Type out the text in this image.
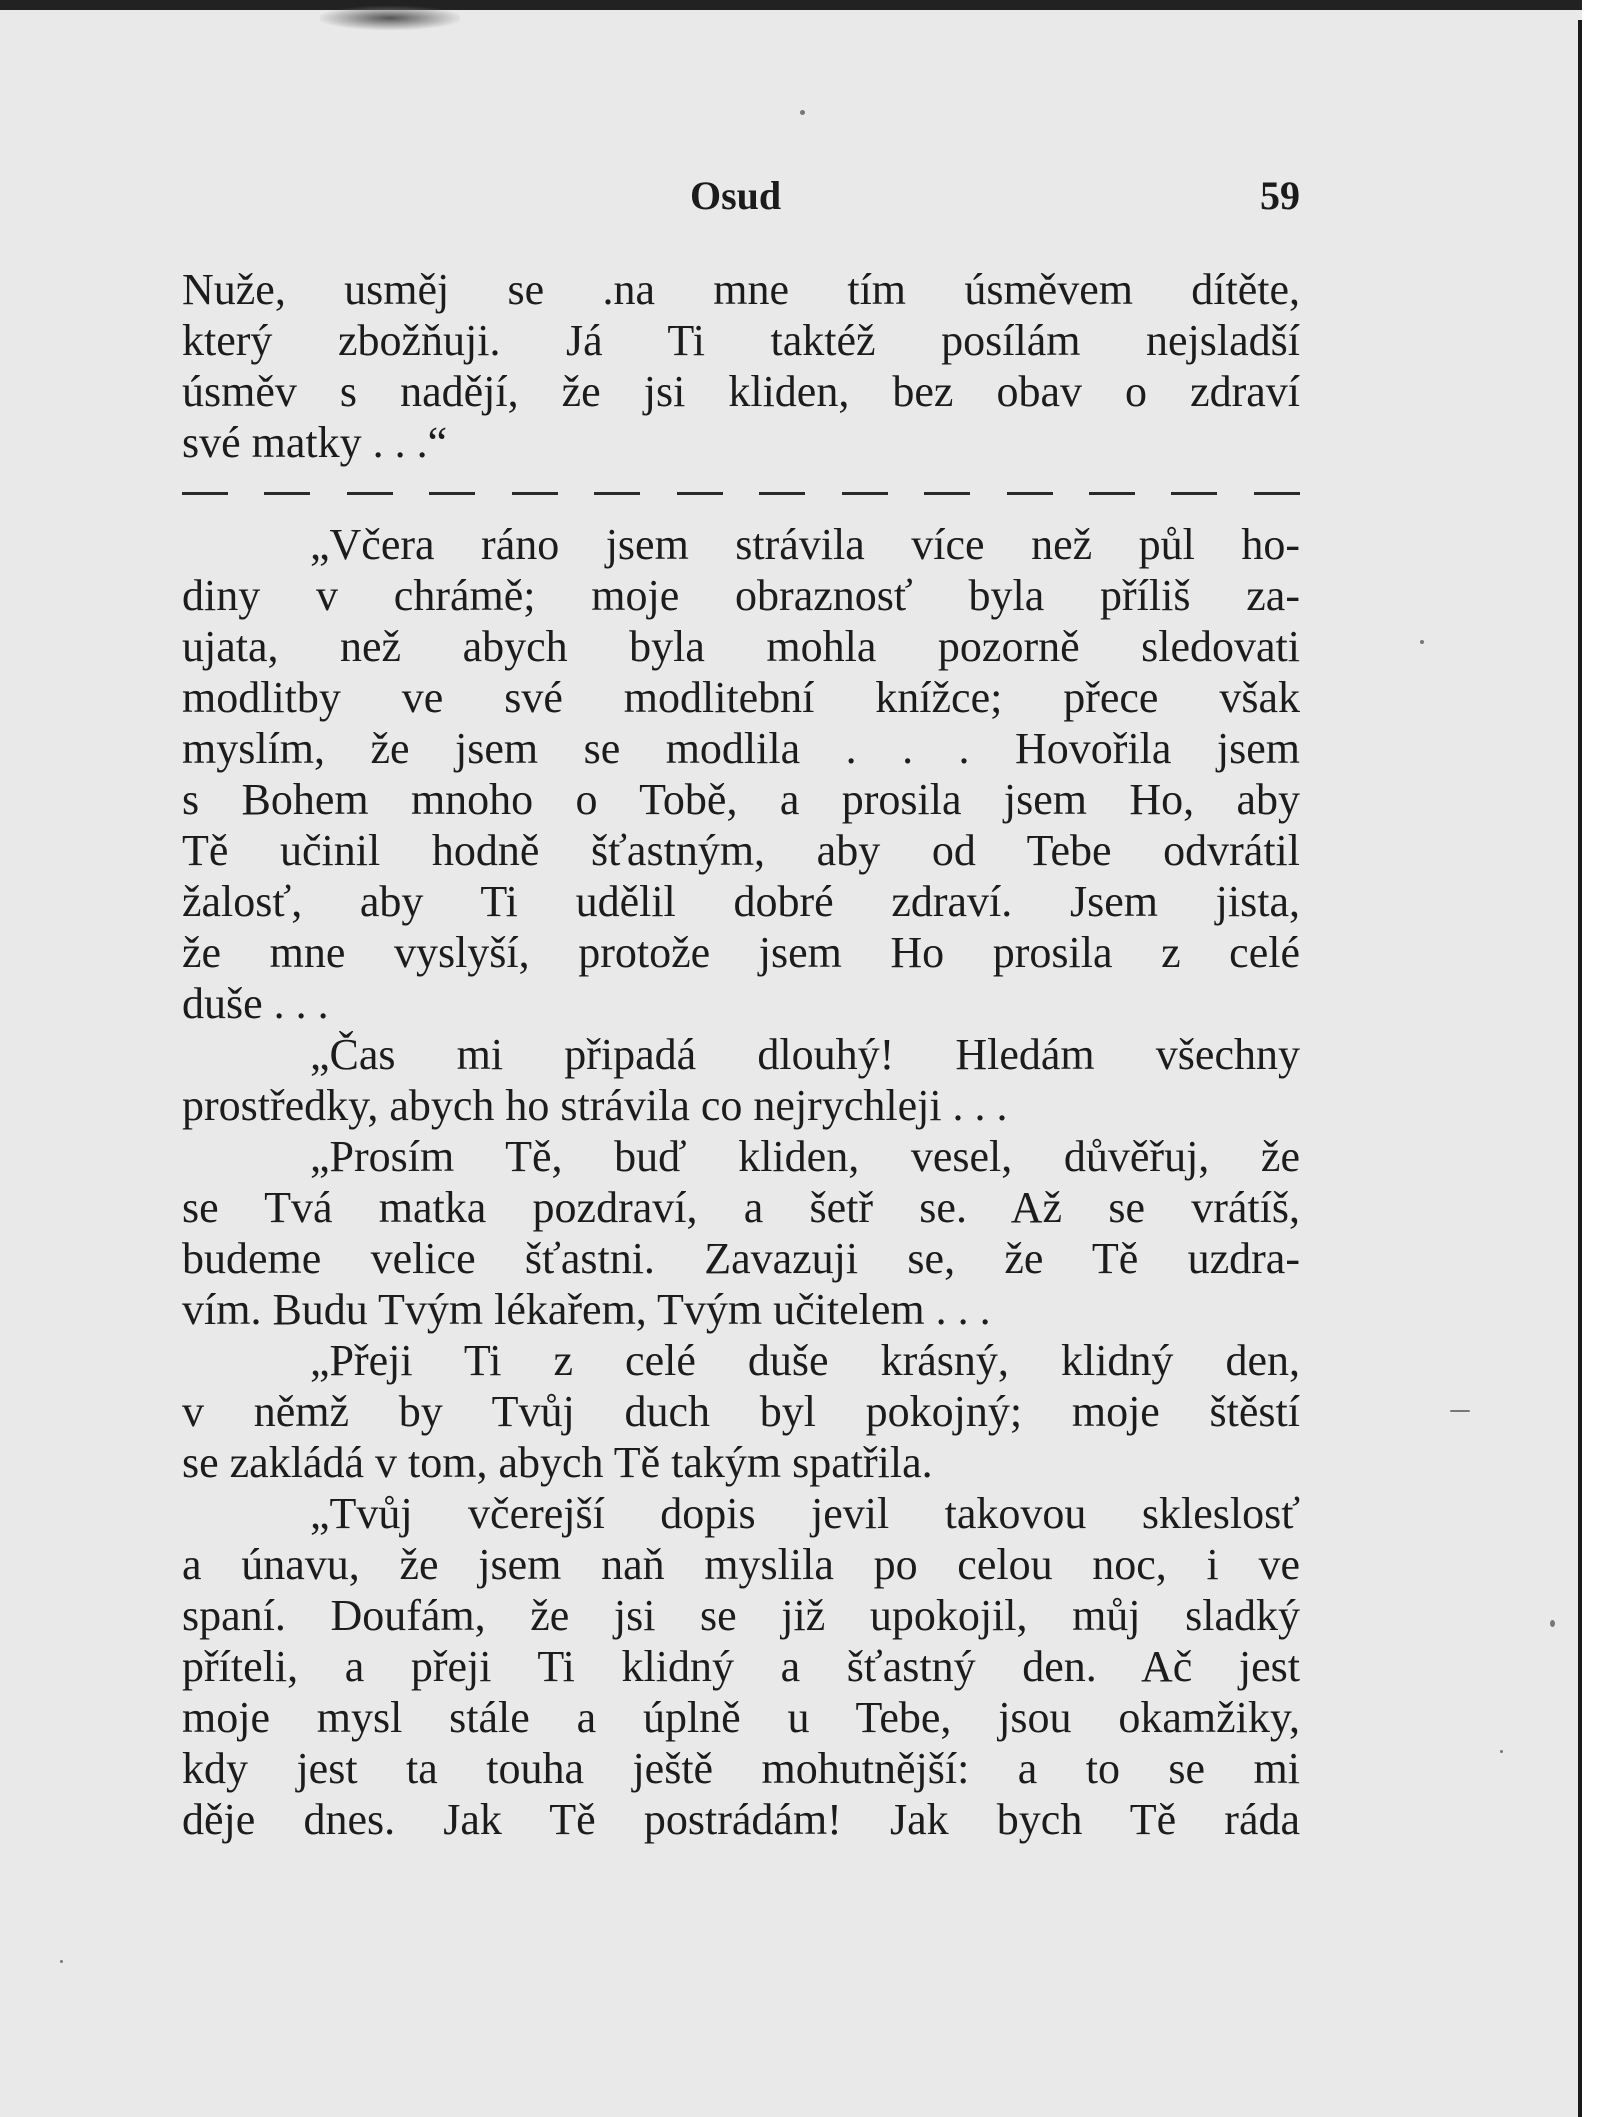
Osud	59
Nuže, usměj se .na mne tím úsměvem dítěte,
který zbožňuji. Já Ti taktéž posílám nejsladší
úsměv s nadějí, že jsi kliden, bez obav o zdraví
své matky . . .“
„Včera ráno jsem strávila více než půl ho-
diny v chrámě; moje obraznosť byla příliš za-
ujata, než abych byla mohla pozorně sledovati
modlitby ve své modlitební knížce; přece však
myslím, že jsem se modlila . . . Hovořila jsem
s Bohem mnoho o Tobě, a prosila jsem Ho, aby
Tě učinil hodně šťastným, aby od Tebe odvrátil
žalosť, aby Ti udělil dobré zdraví. Jsem jista,
že mne vyslyší, protože jsem Ho prosila z celé
duše . . .
„Čas mi připadá dlouhý! Hledám všechny
prostředky, abych ho strávila co nejrychleji . . .
„Prosím Tě, buď kliden, vesel, důvěřuj, že
se Tvá matka pozdraví, a šetř se. Až se vrátíš,
budeme velice šťastni. Zavazuji se, že Tě uzdra-
vím. Budu Tvým lékařem, Tvým učitelem . . .
„Přeji Ti z celé duše krásný, klidný den,
v němž by Tvůj duch byl pokojný; moje štěstí
se zakládá v tom, abych Tě takým spatřila.
„Tvůj včerejší dopis jevil takovou skleslosť
a únavu, že jsem naň myslila po celou noc, i ve
spaní. Doufám, že jsi se již upokojil, můj sladký
příteli, a přeji Ti klidný a šťastný den. Ač jest
moje mysl stále a úplně u Tebe, jsou okamžiky,
kdy jest ta touha ještě mohutnější: a to se mi
děje dnes. Jak Tě postrádám! Jak bych Tě ráda
